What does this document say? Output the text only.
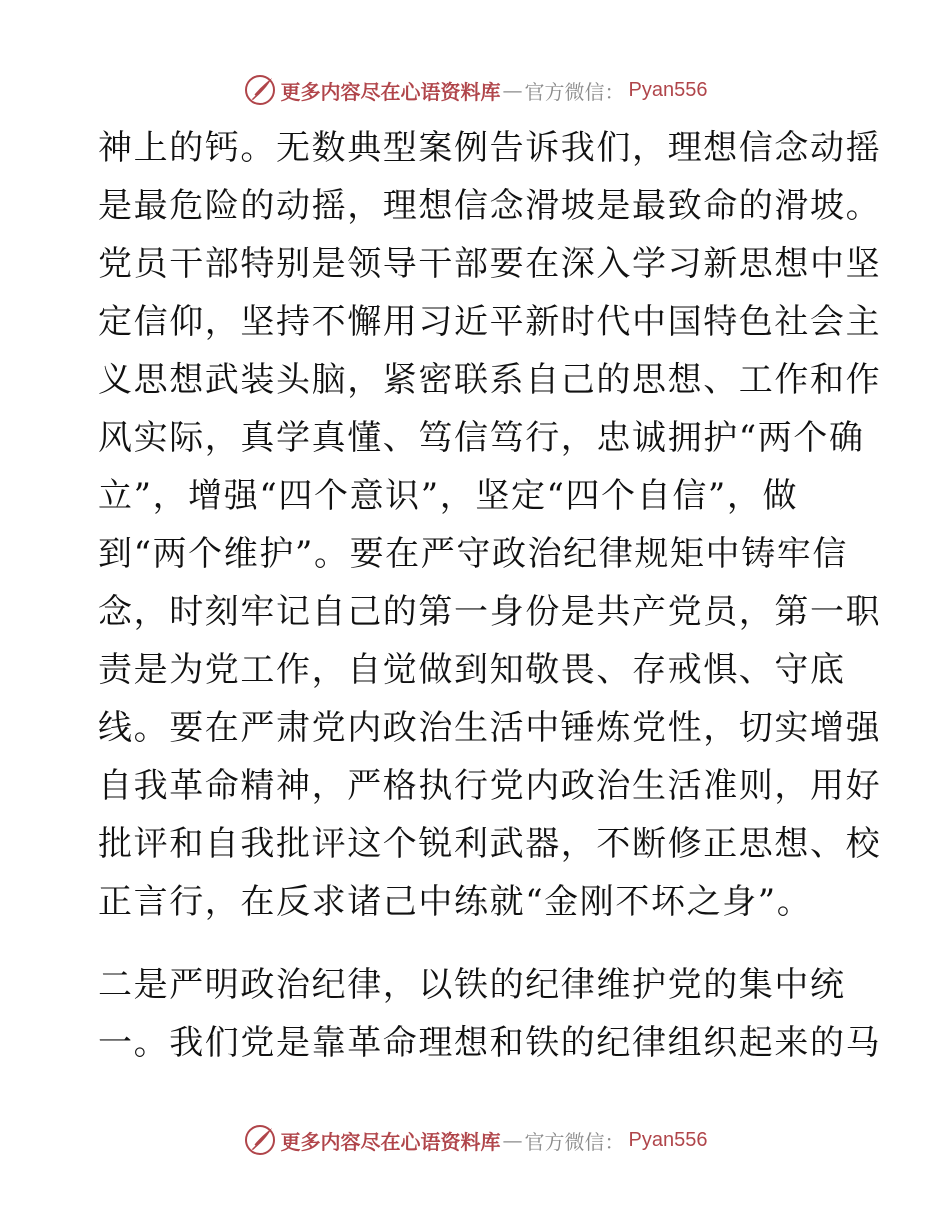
更多内容尽在心语资料库 — 官方微信： Pyan556
神上的钙。无数典型案例告诉我们，理想信念动摇
是最危险的动摇，理想信念滑坡是最致命的滑坡。
党员干部特别是领导干部要在深入学习新思想中坚
定信仰，坚持不懈用习近平新时代中国特色社会主
义思想武装头脑，紧密联系自己的思想、工作和作
风实际，真学真懂、笃信笃行，忠诚拥护“两个确
立”，增强“四个意识”，坚定“四个自信”，做
到“两个维护”。要在严守政治纪律规矩中铸牢信
念，时刻牢记自己的第一身份是共产党员，第一职
责是为党工作，自觉做到知敬畏、存戒惧、守底
线。要在严肃党内政治生活中锤炼党性，切实增强
自我革命精神，严格执行党内政治生活准则，用好
批评和自我批评这个锐利武器，不断修正思想、校
正言行，在反求诸己中练就“金刚不坏之身”。
二是严明政治纪律，以铁的纪律维护党的集中统
一。我们党是靠革命理想和铁的纪律组织起来的马
更多内容尽在心语资料库 — 官方微信： Pyan556
